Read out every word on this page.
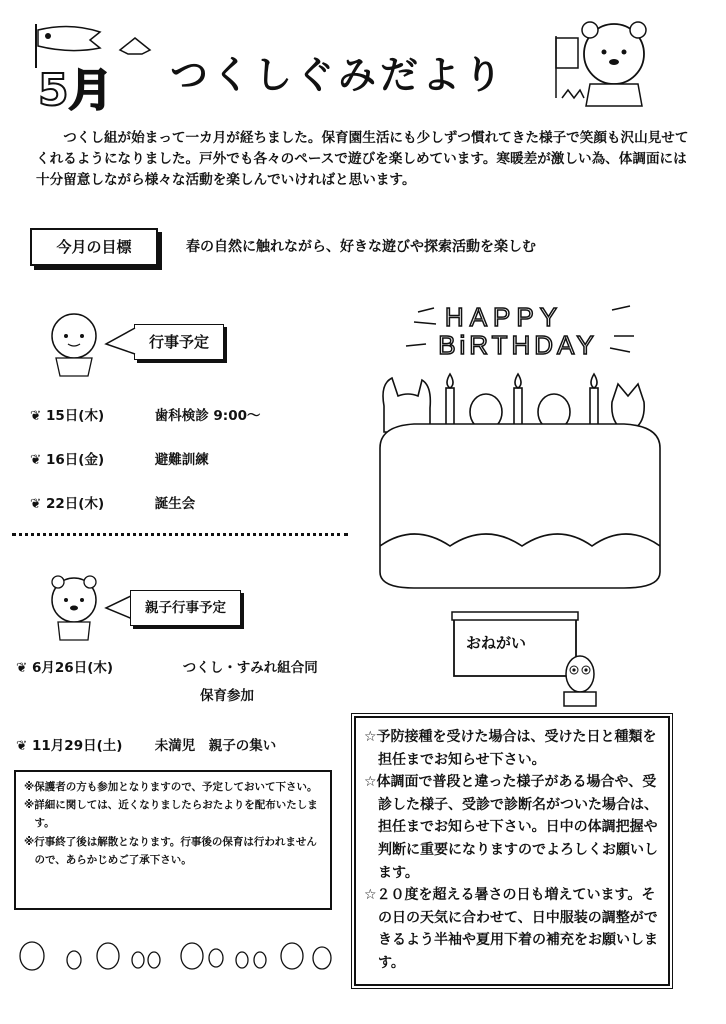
5月 つくしぐみだより

つくし組が始まって一カ月が経ちました。保育園生活にも少しずつ慣れてきた様子で笑顔も沢山見せてくれるようになりました。戸外でも各々のペースで遊びを楽しめています。寒暖差が激しい為、体調面には十分留意しながら様々な活動を楽しんでいければと思います。

今月の目標	春の自然に触れながら、好きな遊びや探索活動を楽しむ
行事予定
❦ 15日(木)	歯科検診 9:00～
❦ 16日(金)	避難訓練
❦ 22日(木)	誕生会
親子行事予定
❦ 6月26日(木)	つくし・すみれ組合同
保育参加
❦ 11月29日(土) 未満児　親子の集い
※保護者の方も参加となりますので、予定しておいて下さい。
※詳細に関しては、近くなりましたらおたよりを配布いたします。
※行事終了後は解散となります。行事後の保育は行われませんので、あらかじめご了承下さい。
HAPPY
BiRTHDAY
おねがい
☆予防接種を受けた場合は、受けた日と種類を担任までお知らせ下さい。
☆体調面で普段と違った様子がある場合や、受診した様子、受診で診断名がついた場合は、担任までお知らせ下さい。日中の体調把握や判断に重要になりますのでよろしくお願いします。
☆２０度を超える暑さの日も増えています。その日の天気に合わせて、日中服装の調整ができるよう半袖や夏用下着の補充をお願いします。
